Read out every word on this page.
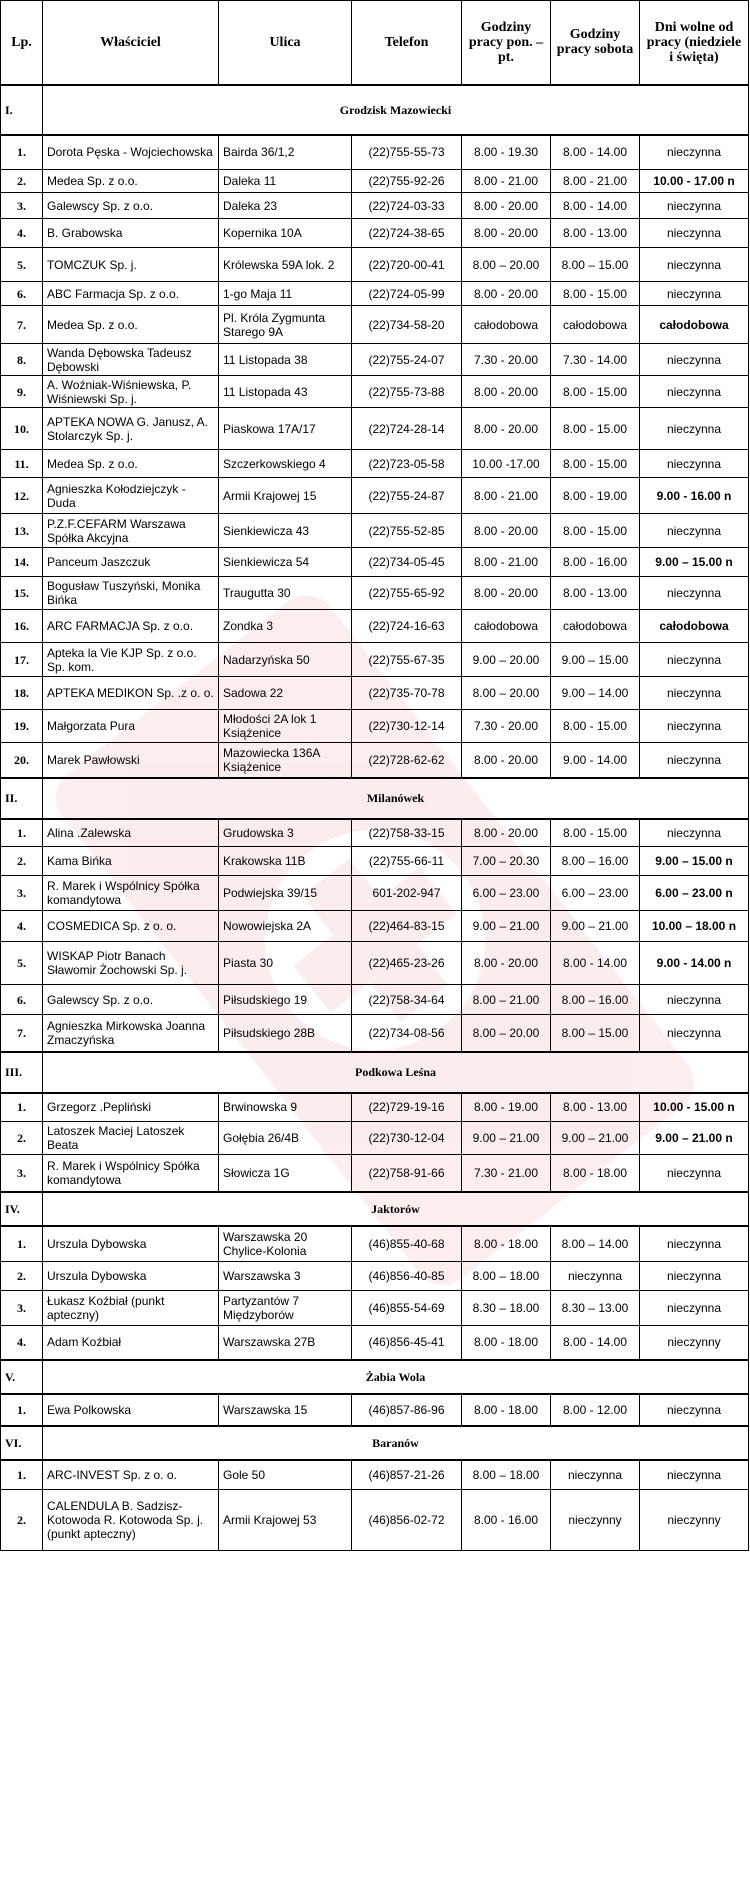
Lp.	Właściciel	Ulica	Telefon	Godziny pracy pon. – pt.	Godziny pracy sobota	Dni wolne od pracy (niedziele i święta)
I.	Grodzisk Mazowiecki					
1.	Dorota Pęska - Wojciechowska	Bairda 36/1,2	(22)755-55-73	8.00 - 19.30	8.00 - 14.00	nieczynna
2.	Medea Sp. z o.o.	Daleka 11	(22)755-92-26	8.00 - 21.00	8.00 - 21.00	10.00 - 17.00 n
3.	Galewscy Sp. z o.o.	Daleka 23	(22)724-03-33	8.00 - 20.00	8.00 - 14.00	nieczynna
4.	B. Grabowska	Kopernika 10A	(22)724-38-65	8.00 - 20.00	8.00 - 13.00	nieczynna
5.	TOMCZUK Sp. j.	Królewska 59A lok. 2	(22)720-00-41	8.00 – 20.00	8.00 – 15.00	nieczynna
6.	ABC Farmacja Sp. z o.o.	1-go Maja 11	(22)724-05-99	8.00 - 20.00	8.00 - 15.00	nieczynna
7.	Medea Sp. z o.o.	Pl. Króla Zygmunta Starego 9A	(22)734-58-20	całodobowa	całodobowa	całodobowa
8.	Wanda Dębowska Tadeusz Dębowski	11 Listopada 38	(22)755-24-07	7.30 - 20.00	7.30 - 14.00	nieczynna
9.	A. Woźniak-Wiśniewska, P. Wiśniewski Sp. j.	11 Listopada 43	(22)755-73-88	8.00 - 20.00	8.00 - 15.00	nieczynna
10.	APTEKA NOWA G. Janusz, A. Stolarczyk Sp. j.	Piaskowa 17A/17	(22)724-28-14	8.00 - 20.00	8.00 - 15.00	nieczynna
11.	Medea Sp. z o.o.	Szczerkowskiego 4	(22)723-05-58	10.00 -17.00	8.00 - 15.00	nieczynna
12.	Agnieszka Kołodziejczyk - Duda	Armii Krajowej 15	(22)755-24-87	8.00 - 21.00	8.00 - 19.00	9.00 - 16.00 n
13.	P.Z.F.CEFARM Warszawa Spółka Akcyjna	Sienkiewicza 43	(22)755-52-85	8.00 - 20.00	8.00 - 15.00	nieczynna
14.	Panceum Jaszczuk	Sienkiewicza 54	(22)734-05-45	8.00 - 21.00	8.00 - 16.00	9.00 – 15.00 n
15.	Bogusław Tuszyński, Monika Bińka	Traugutta 30	(22)755-65-92	8.00 - 20.00	8.00 - 13.00	nieczynna
16.	ARC FARMACJA Sp. z o.o.	Zondka 3	(22)724-16-63	całodobowa	całodobowa	całodobowa
17.	Apteka la Vie KJP Sp. z o.o. Sp. kom.	Nadarzyńska 50	(22)755-67-35	9.00 – 20.00	9.00 – 15.00	nieczynna
18.	APTEKA MEDIKON Sp. .z o. o.	Sadowa 22	(22)735-70-78	8.00 – 20.00	9.00 – 14.00	nieczynna
19.	Małgorzata Pura	Młodości 2A lok 1 Książenice	(22)730-12-14	7.30 - 20.00	8.00 - 15.00	nieczynna
20.	Marek Pawłowski	Mazowiecka 136A Książenice	(22)728-62-62	8.00 - 20.00	9.00 - 14.00	nieczynna
II.	Milanówek					
1.	Alina .Zalewska	Grudowska 3	(22)758-33-15	8.00 - 20.00	8.00 - 15.00	nieczynna
2.	Kama Bińka	Krakowska 11B	(22)755-66-11	7.00 – 20.30	8.00 – 16.00	9.00 – 15.00 n
3.	R. Marek i Wspólnicy Spółka komandytowa	Podwiejska 39/15	601-202-947	6.00 – 23.00	6.00 – 23.00	6.00 – 23.00 n
4.	COSMEDICA Sp. z o. o.	Nowowiejska 2A	(22)464-83-15	9.00 – 21.00	9.00 – 21.00	10.00 – 18.00 n
5.	WISKAP Piotr Banach Sławomir Żochowski Sp. j.	Piasta 30	(22)465-23-26	8.00 - 20.00	8.00 - 14.00	9.00 - 14.00 n
6.	Galewscy Sp. z o.o.	Piłsudskiego 19	(22)758-34-64	8.00 – 21.00	8.00 – 16.00	nieczynna
7.	Agnieszka Mirkowska Joanna Zmaczyńska	Piłsudskiego 28B	(22)734-08-56	8.00 – 20.00	8.00 – 15.00	nieczynna
III.	Podkowa Leśna					
1.	Grzegorz .Pepliński	Brwinowska 9	(22)729-19-16	8.00 - 19.00	8.00 - 13.00	10.00 - 15.00 n
2.	Latoszek Maciej Latoszek Beata	Gołębia 26/4B	(22)730-12-04	9.00 – 21.00	9.00 – 21.00	9.00 – 21.00 n
3.	R. Marek i Wspólnicy Spółka komandytowa	Słowicza 1G	(22)758-91-66	7.30 - 21.00	8.00 - 18.00	nieczynna
IV.	Jaktorów					
1.	Urszula Dybowska	Warszawska 20 Chylice-Kolonia	(46)855-40-68	8.00 - 18.00	8.00 – 14.00	nieczynna
2.	Urszula Dybowska	Warszawska 3	(46)856-40-85	8.00 – 18.00	nieczynna	nieczynna
3.	Łukasz Koźbiał (punkt apteczny)	Partyzantów 7 Międzyborów	(46)855-54-69	8.30 – 18.00	8.30 – 13.00	nieczynna
4.	Adam Koźbiał	Warszawska 27B	(46)856-45-41	8.00 - 18.00	8.00 - 14.00	nieczynny
V.	Żabia Wola					
1.	Ewa Polkowska	Warszawska 15	(46)857-86-96	8.00 - 18.00	8.00 - 12.00	nieczynna
VI.	Baranów					
1.	ARC-INVEST Sp. z o. o.	Gole 50	(46)857-21-26	8.00 – 18.00	nieczynna	nieczynna
2.	CALENDULA B. Sadzisz-Kotowoda R. Kotowoda Sp. j. (punkt apteczny)	Armii Krajowej 53	(46)856-02-72	8.00 - 16.00	nieczynny	nieczynny
